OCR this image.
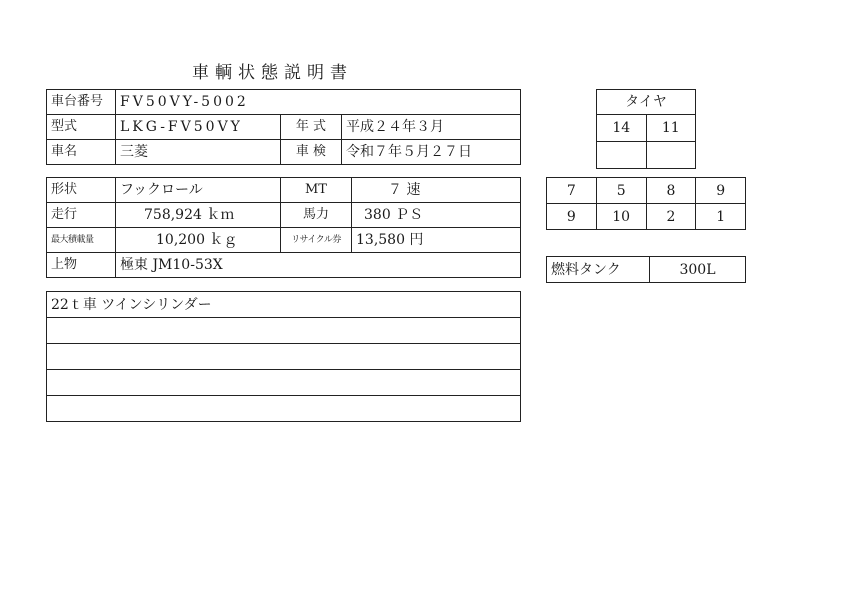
車輌状態説明書
車台番号	FV50VY-5002		
型式	LKG-FV50VY	年 式	平成２４年３月
車名	三菱	車 検	令和７年５月２７日
形状	フックロール	MT	７ 速
走行	758,924 ｋｍ	馬力	380 ＰＳ
最大積載量	10,200 ｋｇ	リサイクル券	13,580 円
上物	極東 JM10-53X		
22ｔ車 ツインシリンダー

タイヤ	
14	11

7	5	8	9
9	10	2	1
燃料タンク	300L
